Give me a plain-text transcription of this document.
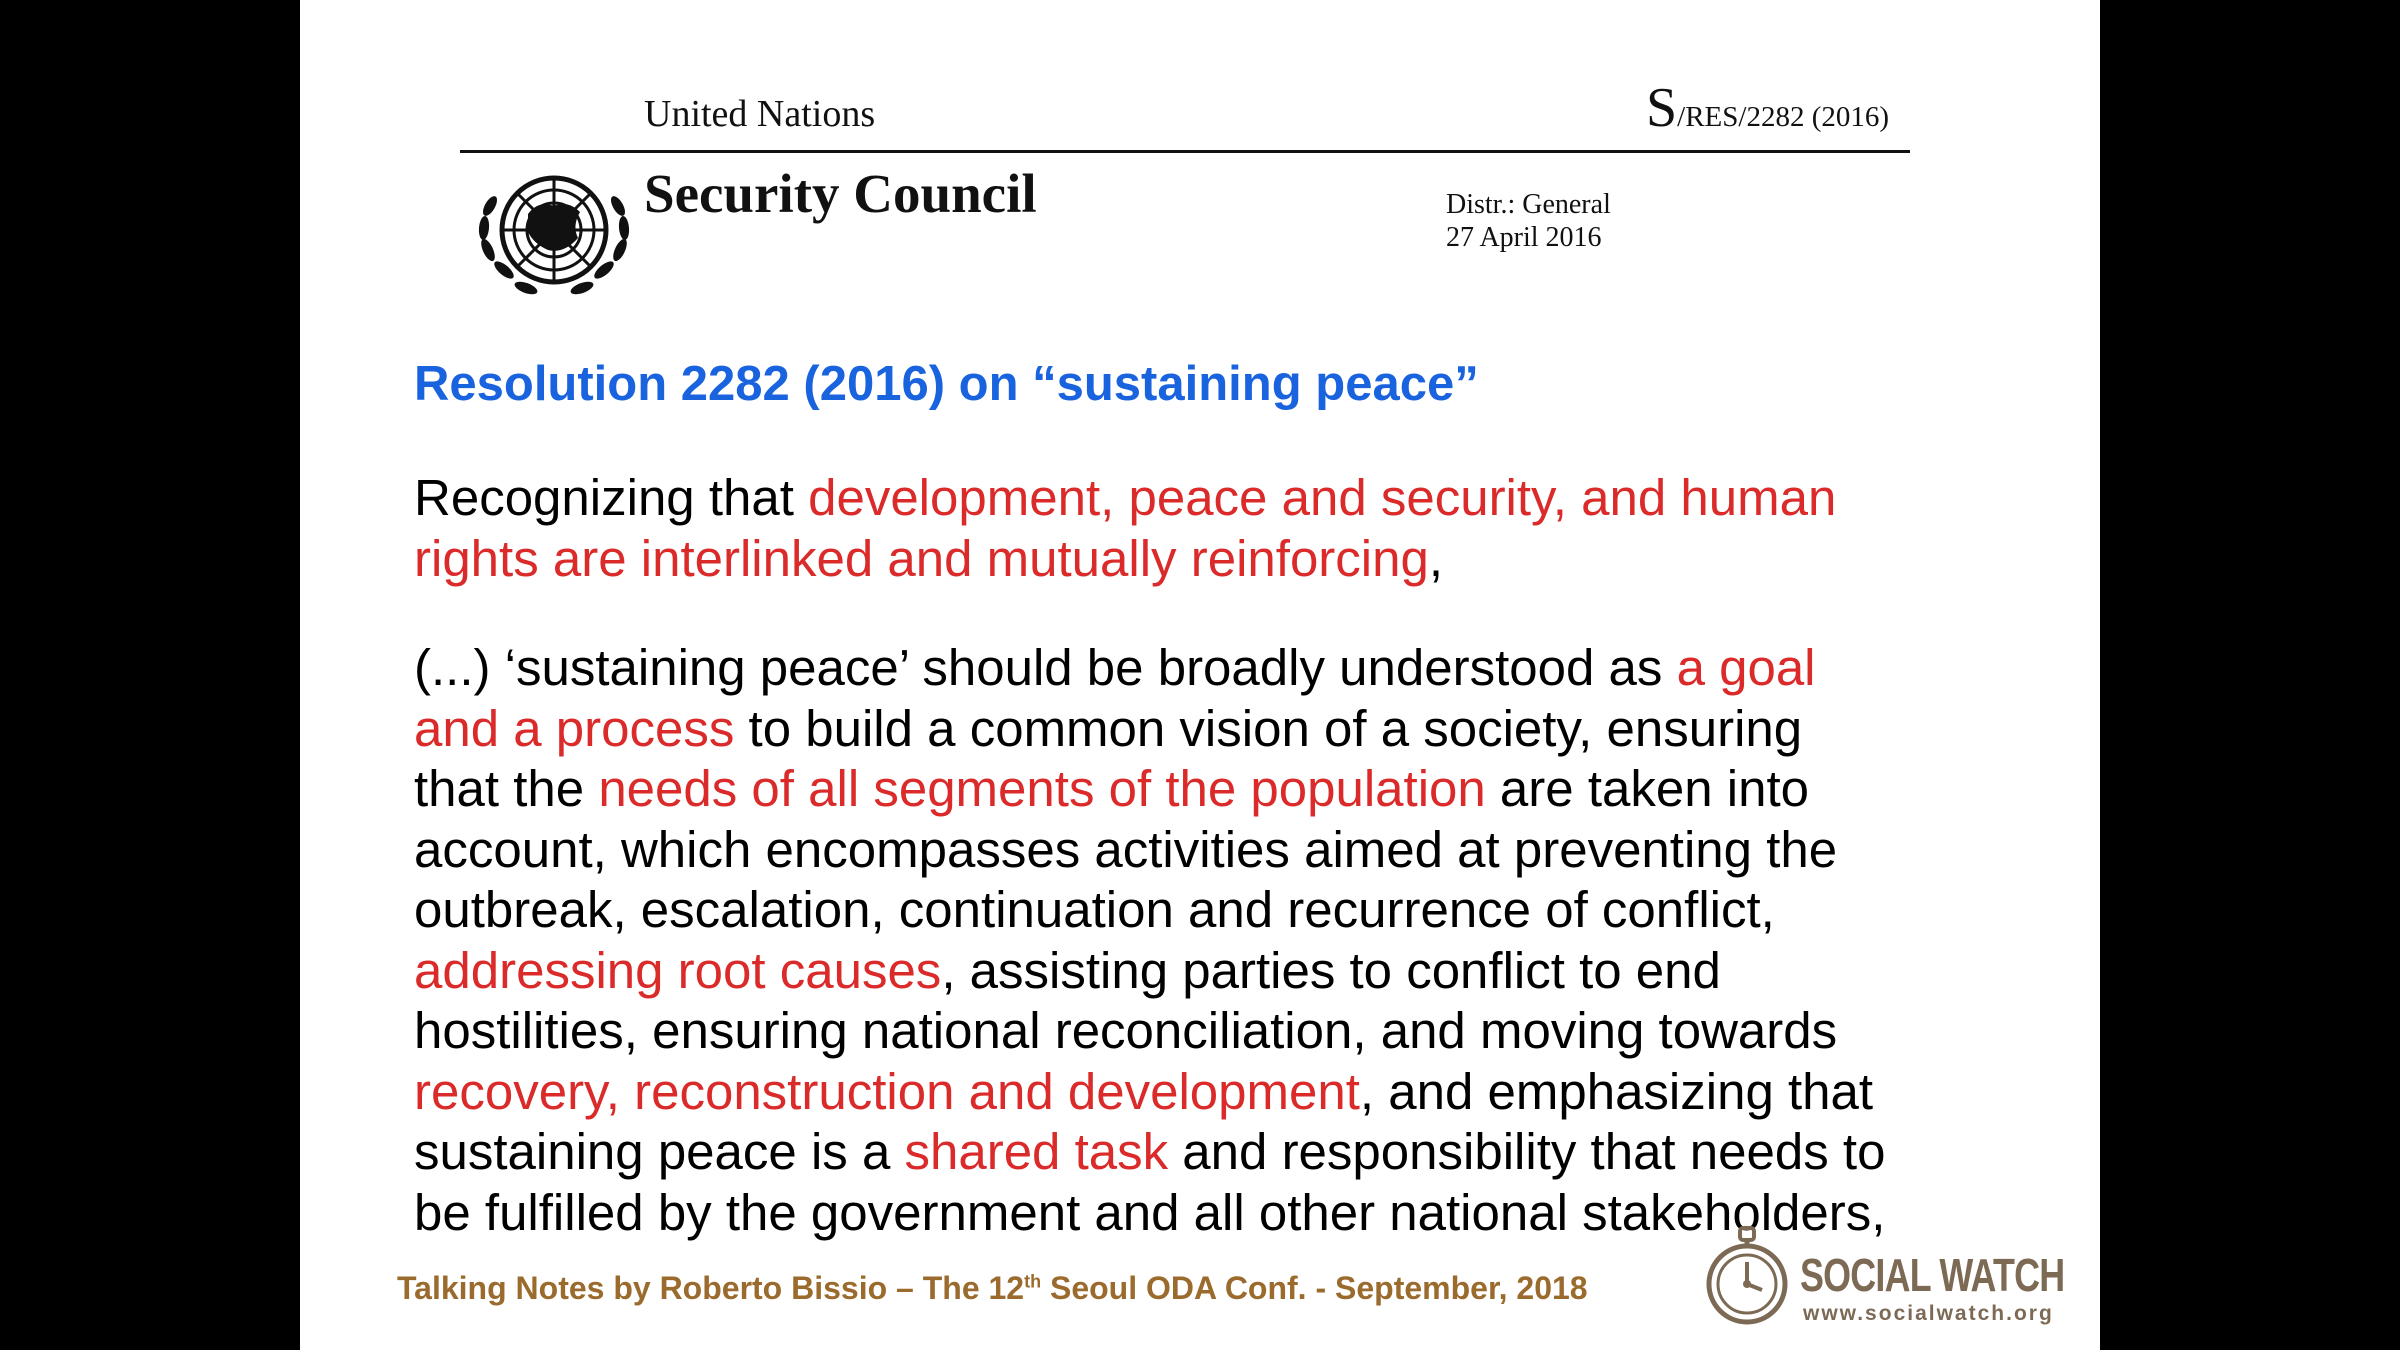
United Nations	S/RES/2282 (2016)
Security Council	Distr.: General
27 April 2016
Resolution 2282 (2016) on “sustaining peace”
Recognizing that development, peace and security, and human
rights are interlinked and mutually reinforcing,
(...) ‘sustaining peace’ should be broadly understood as a goal
and a process to build a common vision of a society, ensuring
that the needs of all segments of the population are taken into
account, which encompasses activities aimed at preventing the
outbreak, escalation, continuation and recurrence of conflict,
addressing root causes, assisting parties to conflict to end
hostilities, ensuring national reconciliation, and moving towards
recovery, reconstruction and development, and emphasizing that
sustaining peace is a shared task and responsibility that needs to
be fulfilled by the government and all other national stakeholders,
Talking Notes by Roberto Bissio – The 12th Seoul ODA Conf. - September, 2018	SOCIAL WATCH
www.socialwatch.org
